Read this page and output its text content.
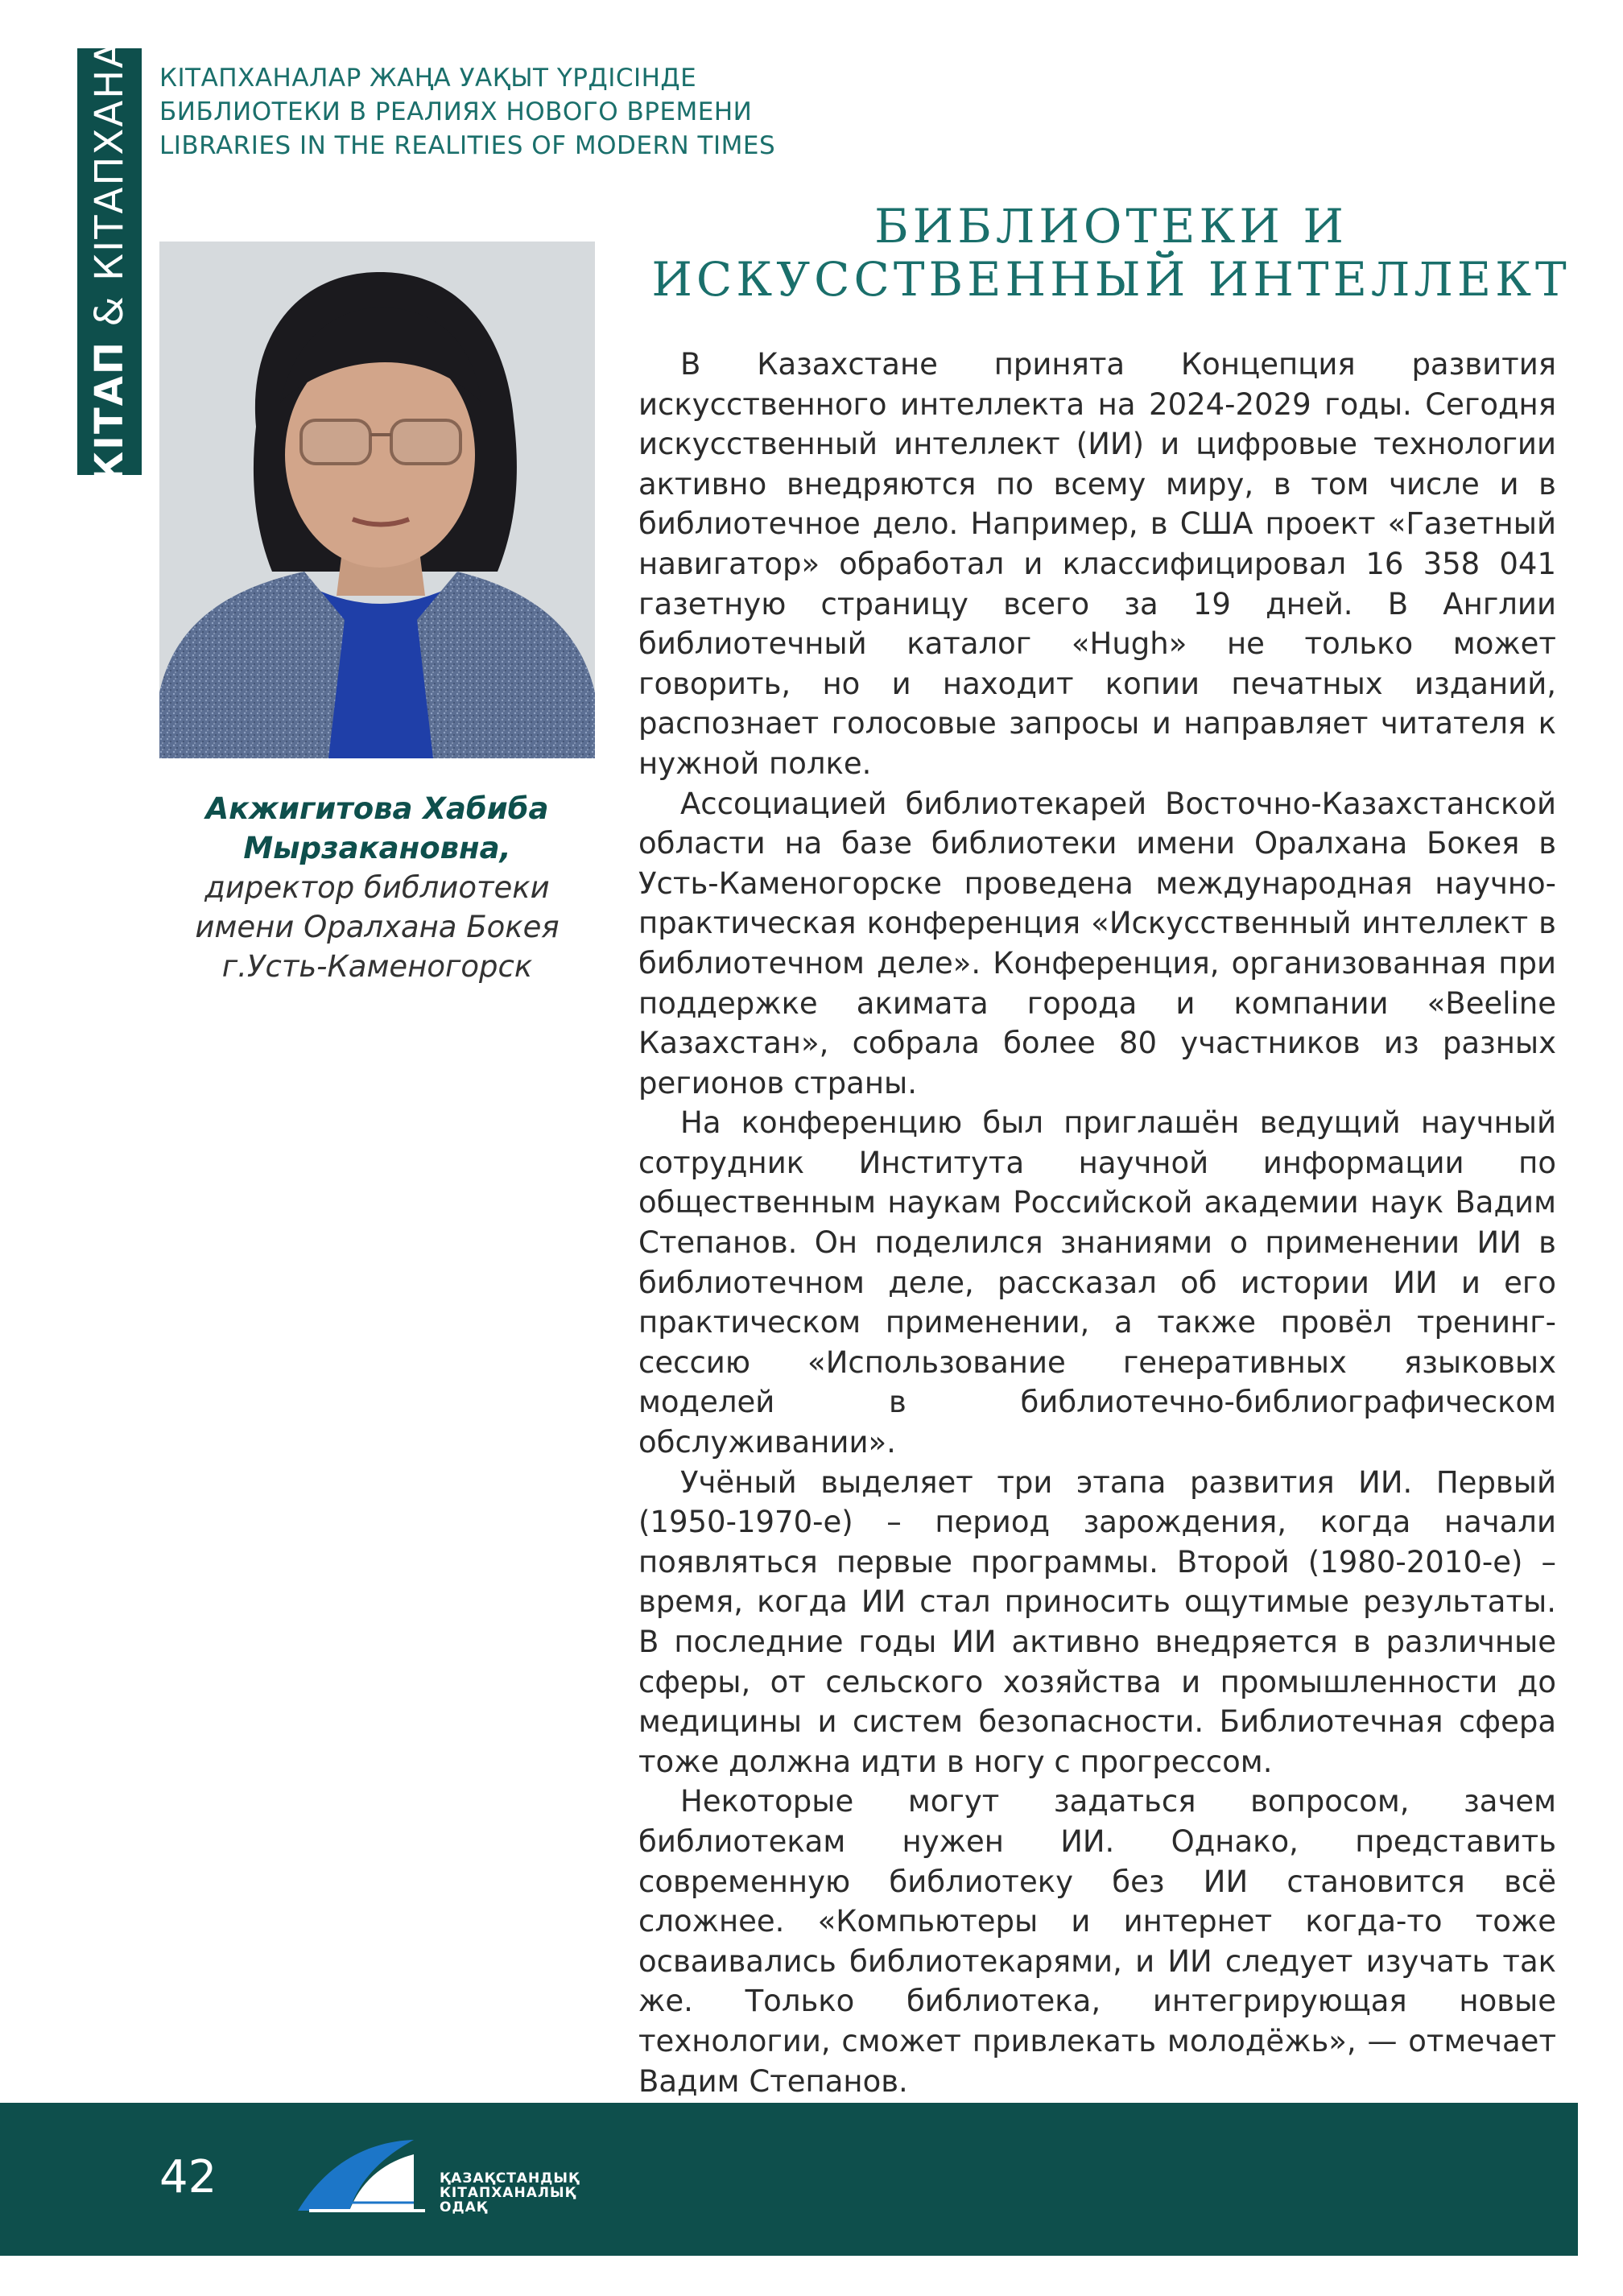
КІТАП & КІТАПХАНА КІТАПХАНАЛАР ЖАҢА УАҚЫТ ҮРДІСІНДЕ
БИБЛИОТЕКИ В РЕАЛИЯХ НОВОГО ВРЕМЕНИ
LIBRARIES IN THE REALITIES OF MODERN TIMES
БИБЛИОТЕКИ И
ИСКУССТВЕННЫЙ ИНТЕЛЛЕКТ
Акжигитова Хабиба
Мырзакановна,
директор библиотеки
имени Оралхана Бокея
г.Усть-Каменогорск

В Казахстане принята Концепция развития искусственного интеллекта на 2024-2029 годы. Сегодня искусственный интеллект (ИИ) и цифровые технологии активно внедряются по всему миру, в том числе и в библиотечное дело. Например, в США проект «Газетный навигатор» обработал и классифицировал 16 358 041 газетную страницу всего за 19 дней. В Англии библиотечный каталог «Hugh» не только может говорить, но и находит копии печатных изданий, распознает голосовые запросы и направляет читателя к нужной полке.

Ассоциацией библиотекарей Восточно-Казахстанской области на базе библиотеки имени Оралхана Бокея в Усть-Каменогорске проведена международная научно-практическая конференция «Искусственный интеллект в библиотечном деле». Конференция, организованная при поддержке акимата города и компании «Beeline Казахстан», собрала более 80 участников из разных регионов страны.

На конференцию был приглашён ведущий научный сотрудник Института научной информации по общественным наукам Российской академии наук Вадим Степанов. Он поделился знаниями о применении ИИ в библиотечном деле, рассказал об истории ИИ и его практическом применении, а также провёл тренинг-сессию «Использование генеративных языковых моделей в библиотечно-библиографическом обслуживании».

Учёный выделяет три этапа развития ИИ. Первый (1950-1970-е) – период зарождения, когда начали появляться первые программы. Второй (1980-2010-е) – время, когда ИИ стал приносить ощутимые результаты. В последние годы ИИ активно внедряется в различные сферы, от сельского хозяйства и промышленности до медицины и систем безопасности. Библиотечная сфера тоже должна идти в ногу с прогрессом.

Некоторые могут задаться вопросом, зачем библиотекам нужен ИИ. Однако, представить современную библиотеку без ИИ становится всё сложнее. «Компьютеры и интернет когда-то тоже осваивались библиотекарями, и ИИ следует изучать так же. Только библиотека, интегрирующая новые технологии, сможет привлекать молодёжь», — отмечает Вадим Степанов.

42	ҚАЗАҚСТАНДЫҚ
КІТАПХАНАЛЫҚ
ОДАҚ
